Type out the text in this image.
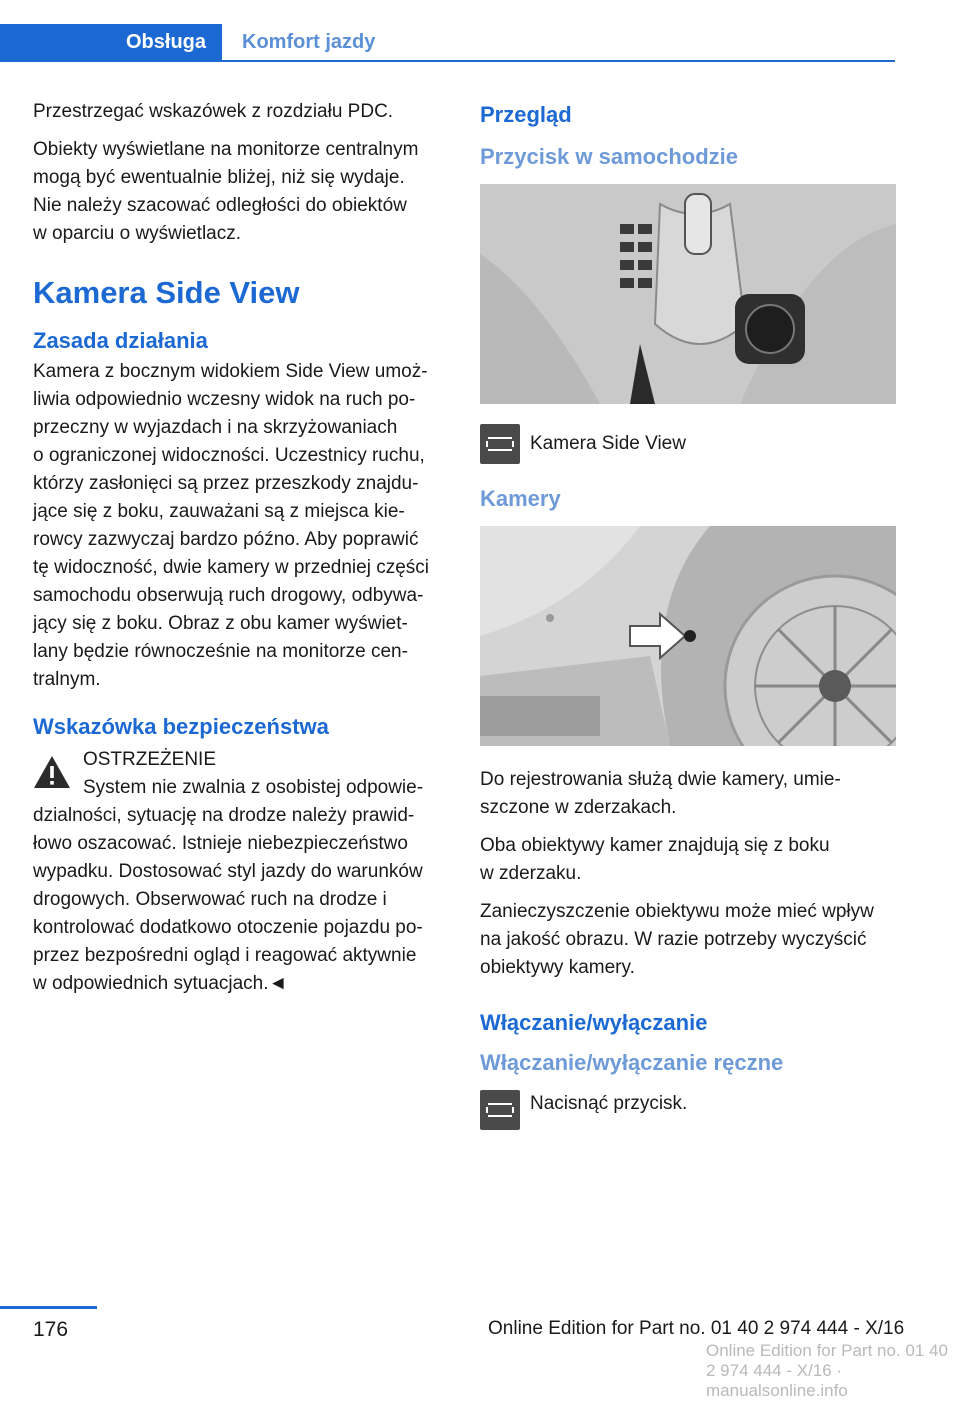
Obsługa	Komfort jazdy

Przestrzegać wskazówek z rozdziału PDC.

Obiekty wyświetlane na monitorze centralnym
mogą być ewentualnie bliżej, niż się wydaje.
Nie należy szacować odległości do obiektów
w oparciu o wyświetlacz.

Kamera Side View
Zasada działania

Kamera z bocznym widokiem Side View umoż-
liwia odpowiednio wczesny widok na ruch po-
przeczny w wyjazdach i na skrzyżowaniach
o ograniczonej widoczności. Uczestnicy ruchu,
którzy zasłonięci są przez przeszkody znajdu-
jące się z boku, zauważani są z miejsca kie-
rowcy zazwyczaj bardzo późno. Aby poprawić
tę widoczność, dwie kamery w przedniej części
samochodu obserwują ruch drogowy, odbywa-
jący się z boku. Obraz z obu kamer wyświet-
lany będzie równocześnie na monitorze cen-
tralnym.

Wskazówka bezpieczeństwa
OSTRZEŻENIE
System nie zwalnia z osobistej odpowie-

dzialności, sytuację na drodze należy prawid-
łowo oszacować. Istnieje niebezpieczeństwo
wypadku. Dostosować styl jazdy do warunków
drogowych. Obserwować ruch na drodze i
kontrolować dodatkowo otoczenie pojazdu po-
przez bezpośredni ogląd i reagować aktywnie
w odpowiednich sytuacjach.◄

Przegląd
Przycisk w samochodzie
Kamera Side View
Kamery

Do rejestrowania służą dwie kamery, umie-
szczone w zderzakach.

Oba obiektywy kamer znajdują się z boku
w zderzaku.

Zanieczyszczenie obiektywu może mieć wpływ
na jakość obrazu. W razie potrzeby wyczyścić
obiektywy kamery.

Włączanie/wyłączanie
Włączanie/wyłączanie ręczne
Nacisnąć przycisk.
176	Online Edition for Part no. 01 40 2 974 444 - X/16
Online Edition for Part no. 01 40 2 974 444 - X/16 · manualsonline.info
